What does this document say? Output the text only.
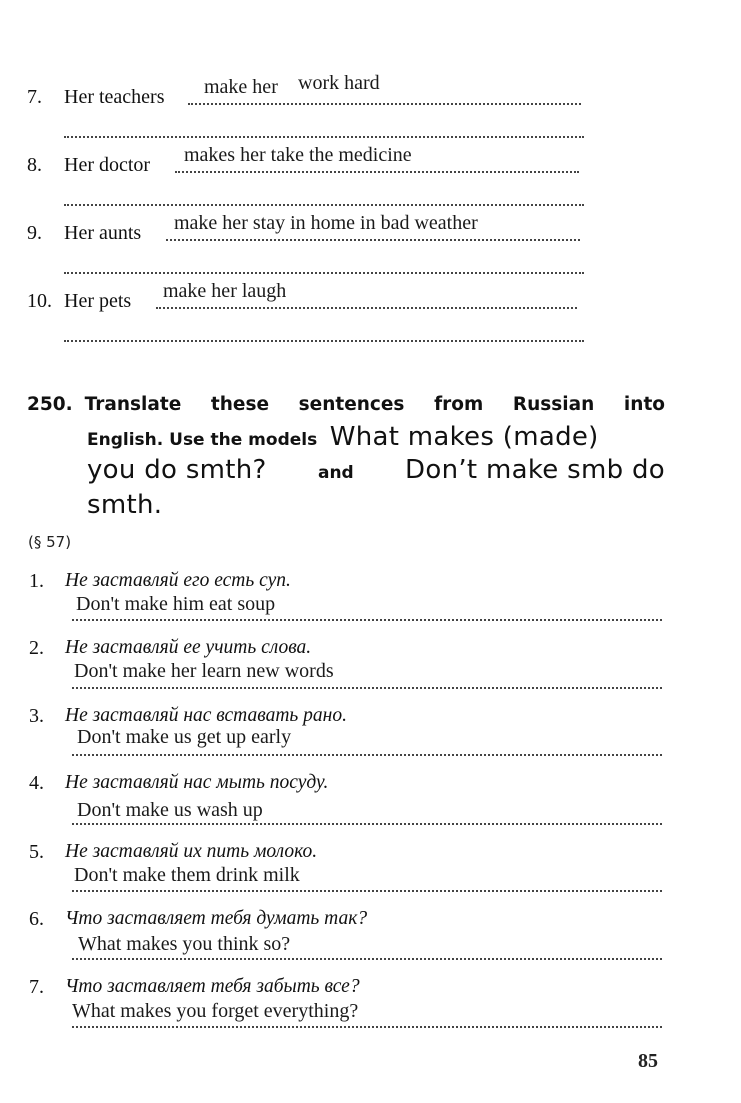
7. Her teachers make her work hard
8. Her doctor makes her take the medicine
9. Her aunts make her stay in home in bad weather
10. Her pets make her laugh
250. Translate these sentences from Russian into
English. Use the models What makes (made)
you do smth?	and Don’t make smb do
smth.
(§ 57)
1. Не заставляй его есть суп.
Don't make him eat soup
2. Не заставляй ее учить слова.
Don't make her learn new words
3. Не заставляй нас вставать рано.
Don't make us get up early
4. Не заставляй нас мыть посуду.
Don't make us wash up
5. Не заставляй их пить молоко.
Don't make them drink milk
6. Что заставляет тебя думать так?
What makes you think so?
7. Что заставляет тебя забыть все?
What makes you forget everything?
85
